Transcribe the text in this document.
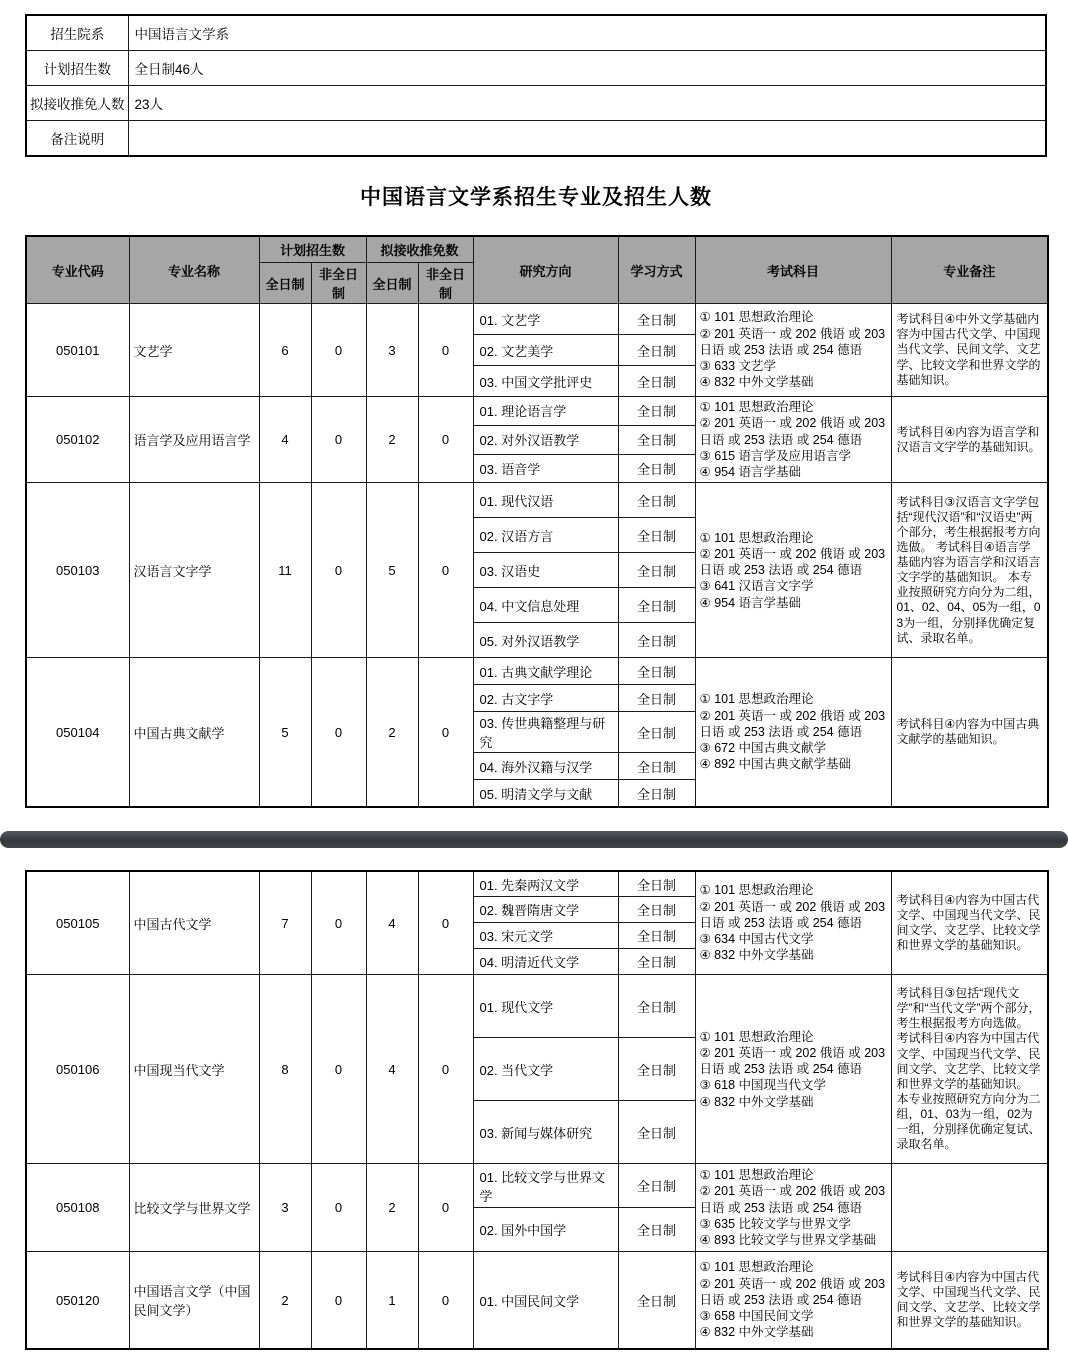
招生院系	中国语言文学系
计划招生数	全日制46人
拟接收推免人数	23人
备注说明	
中国语言文学系招生专业及招生人数
专业代码	专业名称	计划招生数		拟接收推免数		研究方向	学习方式	考试科目	专业备注
		全日制	非全日制	全日制	非全日制				
050101	文艺学	6	0	3	0	01. 文艺学	全日制	① 101 思想政治理论
② 201 英语一 或 202 俄语 或 203 日语 或 253 法语 或 254 德语
③ 633 文艺学
④ 832 中外文学基础	考试科目④中外文学基础内容为中国古代文学、中国现当代文学、民间文学、文艺学、比较文学和世界文学的基础知识。
						02. 文艺美学	全日制		
						03. 中国文学批评史	全日制		
050102	语言学及应用语言学	4	0	2	0	01. 理论语言学	全日制	① 101 思想政治理论
② 201 英语一 或 202 俄语 或 203 日语 或 253 法语 或 254 德语
③ 615 语言学及应用语言学
④ 954 语言学基础	考试科目④内容为语言学和汉语言文字学的基础知识。
						02. 对外汉语教学	全日制		
						03. 语音学	全日制		
050103	汉语言文字学	11	0	5	0	01. 现代汉语	全日制	① 101 思想政治理论
② 201 英语一 或 202 俄语 或 203 日语 或 253 法语 或 254 德语
③ 641 汉语言文字学
④ 954 语言学基础	考试科目③汉语言文字学包括“现代汉语”和“汉语史”两个部分，考生根据报考方向选做。 考试科目④语言学基础内容为语言学和汉语言文字学的基础知识。 本专业按照研究方向分为二组，01、02、04、05为一组，03为一组，分别择优确定复试、录取名单。
						02. 汉语方言	全日制		
						03. 汉语史	全日制		
						04. 中文信息处理	全日制		
						05. 对外汉语教学	全日制		
050104	中国古典文献学	5	0	2	0	01. 古典文献学理论	全日制	① 101 思想政治理论
② 201 英语一 或 202 俄语 或 203 日语 或 253 法语 或 254 德语
③ 672 中国古典文献学
④ 892 中国古典文献学基础	考试科目④内容为中国古典文献学的基础知识。
						02. 古文字学	全日制		
						03. 传世典籍整理与研究	全日制		
						04. 海外汉籍与汉学	全日制		
						05. 明清文学与文献	全日制		
050105	中国古代文学	7	0	4	0	01. 先秦两汉文学	全日制	① 101 思想政治理论
② 201 英语一 或 202 俄语 或 203 日语 或 253 法语 或 254 德语
③ 634 中国古代文学
④ 832 中外文学基础	考试科目④内容为中国古代文学、中国现当代文学、民间文学、文艺学、比较文学和世界文学的基础知识。
						02. 魏晋隋唐文学	全日制		
						03. 宋元文学	全日制		
						04. 明清近代文学	全日制		
050106	中国现当代文学	8	0	4	0	01. 现代文学	全日制	① 101 思想政治理论
② 201 英语一 或 202 俄语 或 203 日语 或 253 法语 或 254 德语
③ 618 中国现当代文学
④ 832 中外文学基础	考试科目③包括“现代文学”和“当代文学”两个部分，考生根据报考方向选做。 考试科目④内容为中国古代文学、中国现当代文学、民间文学、文艺学、比较文学和世界文学的基础知识。 本专业按照研究方向分为二组，01、03为一组，02为一组，分别择优确定复试、录取名单。
						02. 当代文学	全日制		
						03. 新闻与媒体研究	全日制		
050108	比较文学与世界文学	3	0	2	0	01. 比较文学与世界文学	全日制	① 101 思想政治理论
② 201 英语一 或 202 俄语 或 203 日语 或 253 法语 或 254 德语
③ 635 比较文学与世界文学
④ 893 比较文学与世界文学基础	

						02. 国外中国学	全日制		
050120	中国语言文学（中国民间文学）	2	0	1	0	01. 中国民间文学	全日制	① 101 思想政治理论
② 201 英语一 或 202 俄语 或 203 日语 或 253 法语 或 254 德语
③ 658 中国民间文学
④ 832 中外文学基础	考试科目④内容为中国古代文学、中国现当代文学、民间文学、文艺学、比较文学和世界文学的基础知识。
